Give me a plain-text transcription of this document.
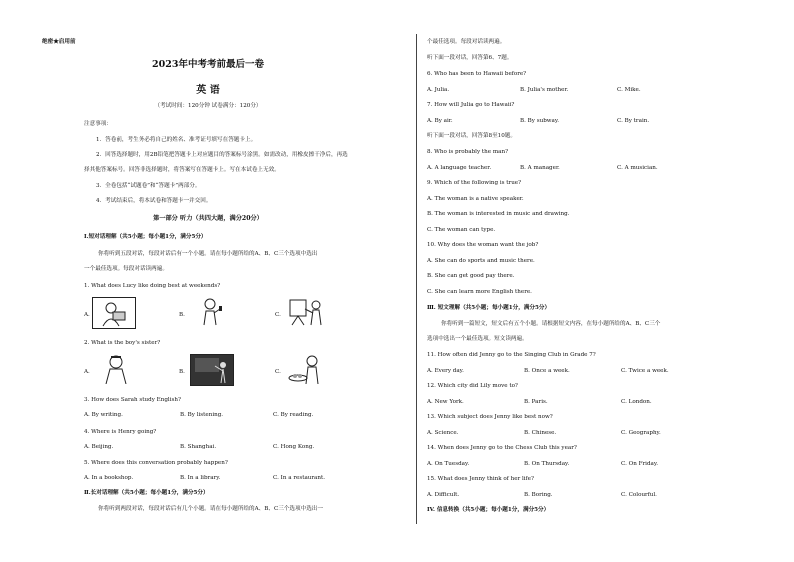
绝密★启用前
2023年中考考前最后一卷
英 语
（考试时间：120分钟 试卷满分：120分）
注意事项：
1．答卷前，考生务必将自己的姓名、准考证号填写在答题卡上。
2．回答选择题时，用2B铅笔把答题卡上对应题目的答案标号涂黑。如需改动，用橡皮擦干净后，再选
择其他答案标号。回答非选择题时，将答案写在答题卡上。写在本试卷上无效。
3．全卷包括“试题卷”和“答题卡”两部分。
4．考试结束后，将本试卷和答题卡一并交回。
第一部分 听力（共四大题，满分20分）
Ⅰ.短对话理解（共5小题；每小题1分，满分5分）
你将听到五段对话，每段对话后有一个小题。请在每小题所给的A、B、C三个选项中选出
一个最佳选项。每段对话读两遍。
1. What does Lucy like doing best at weekends?
A.	B.	C.
2. What is the boy's sister?
A.	B.	C.
3. How does Sarah study English?
A. By writing.	B. By listening.	C. By reading.
4. Where is Henry going?
A. Beijing.	B. Shanghai.	C. Hong Kong.
5. Where does this conversation probably happen?
A. In a bookshop.	B. In a library.	C. In a restaurant.
Ⅱ.长对话理解（共5小题；每小题1分，满分5分）
你将听到两段对话，每段对话后有几个小题。请在每小题所给的A、B、C三个选项中选出一
个最佳选项。每段对话读两遍。
听下面一段对话，回答第6、7题。
6. Who has been to Hawaii before?
A. Julia.	B. Julia's mother.	C. Mike.
7. How will Julia go to Hawaii?
A. By air.	B. By subway.	C. By train.
听下面一段对话，回答第8至10题。
8. Who is probably the man?
A. A language teacher.	B. A manager.	C. A musician.
9. Which of the following is true?
A. The woman is a native speaker.
B. The woman is interested in music and drawing.
C. The woman can type.
10. Why does the woman want the job?
A. She can do sports and music there.
B. She can get good pay there.
C. She can learn more English there.
Ⅲ. 短文理解（共5小题；每小题1分，满分5分）
你将听到一篇短文，短文后有五个小题。请根据短文内容，在每小题所给的A、B、C三个
选项中选出一个最佳选项。短文读两遍。
11. How often did Jenny go to the Singing Club in Grade 7?
A. Every day.	B. Once a week.	C. Twice a week.
12. Which city did Lily move to?
A. New York.	B. Paris.	C. London.
13. Which subject does Jenny like best now?
A. Science.	B. Chinese.	C. Geography.
14. When does Jenny go to the Chess Club this year?
A. On Tuesday.	B. On Thursday.	C. On Friday.
15. What does Jenny think of her life?
A. Difficult.	B. Boring.	C. Colourful.
IV. 信息转换（共5小题；每小题1分，满分5分）
